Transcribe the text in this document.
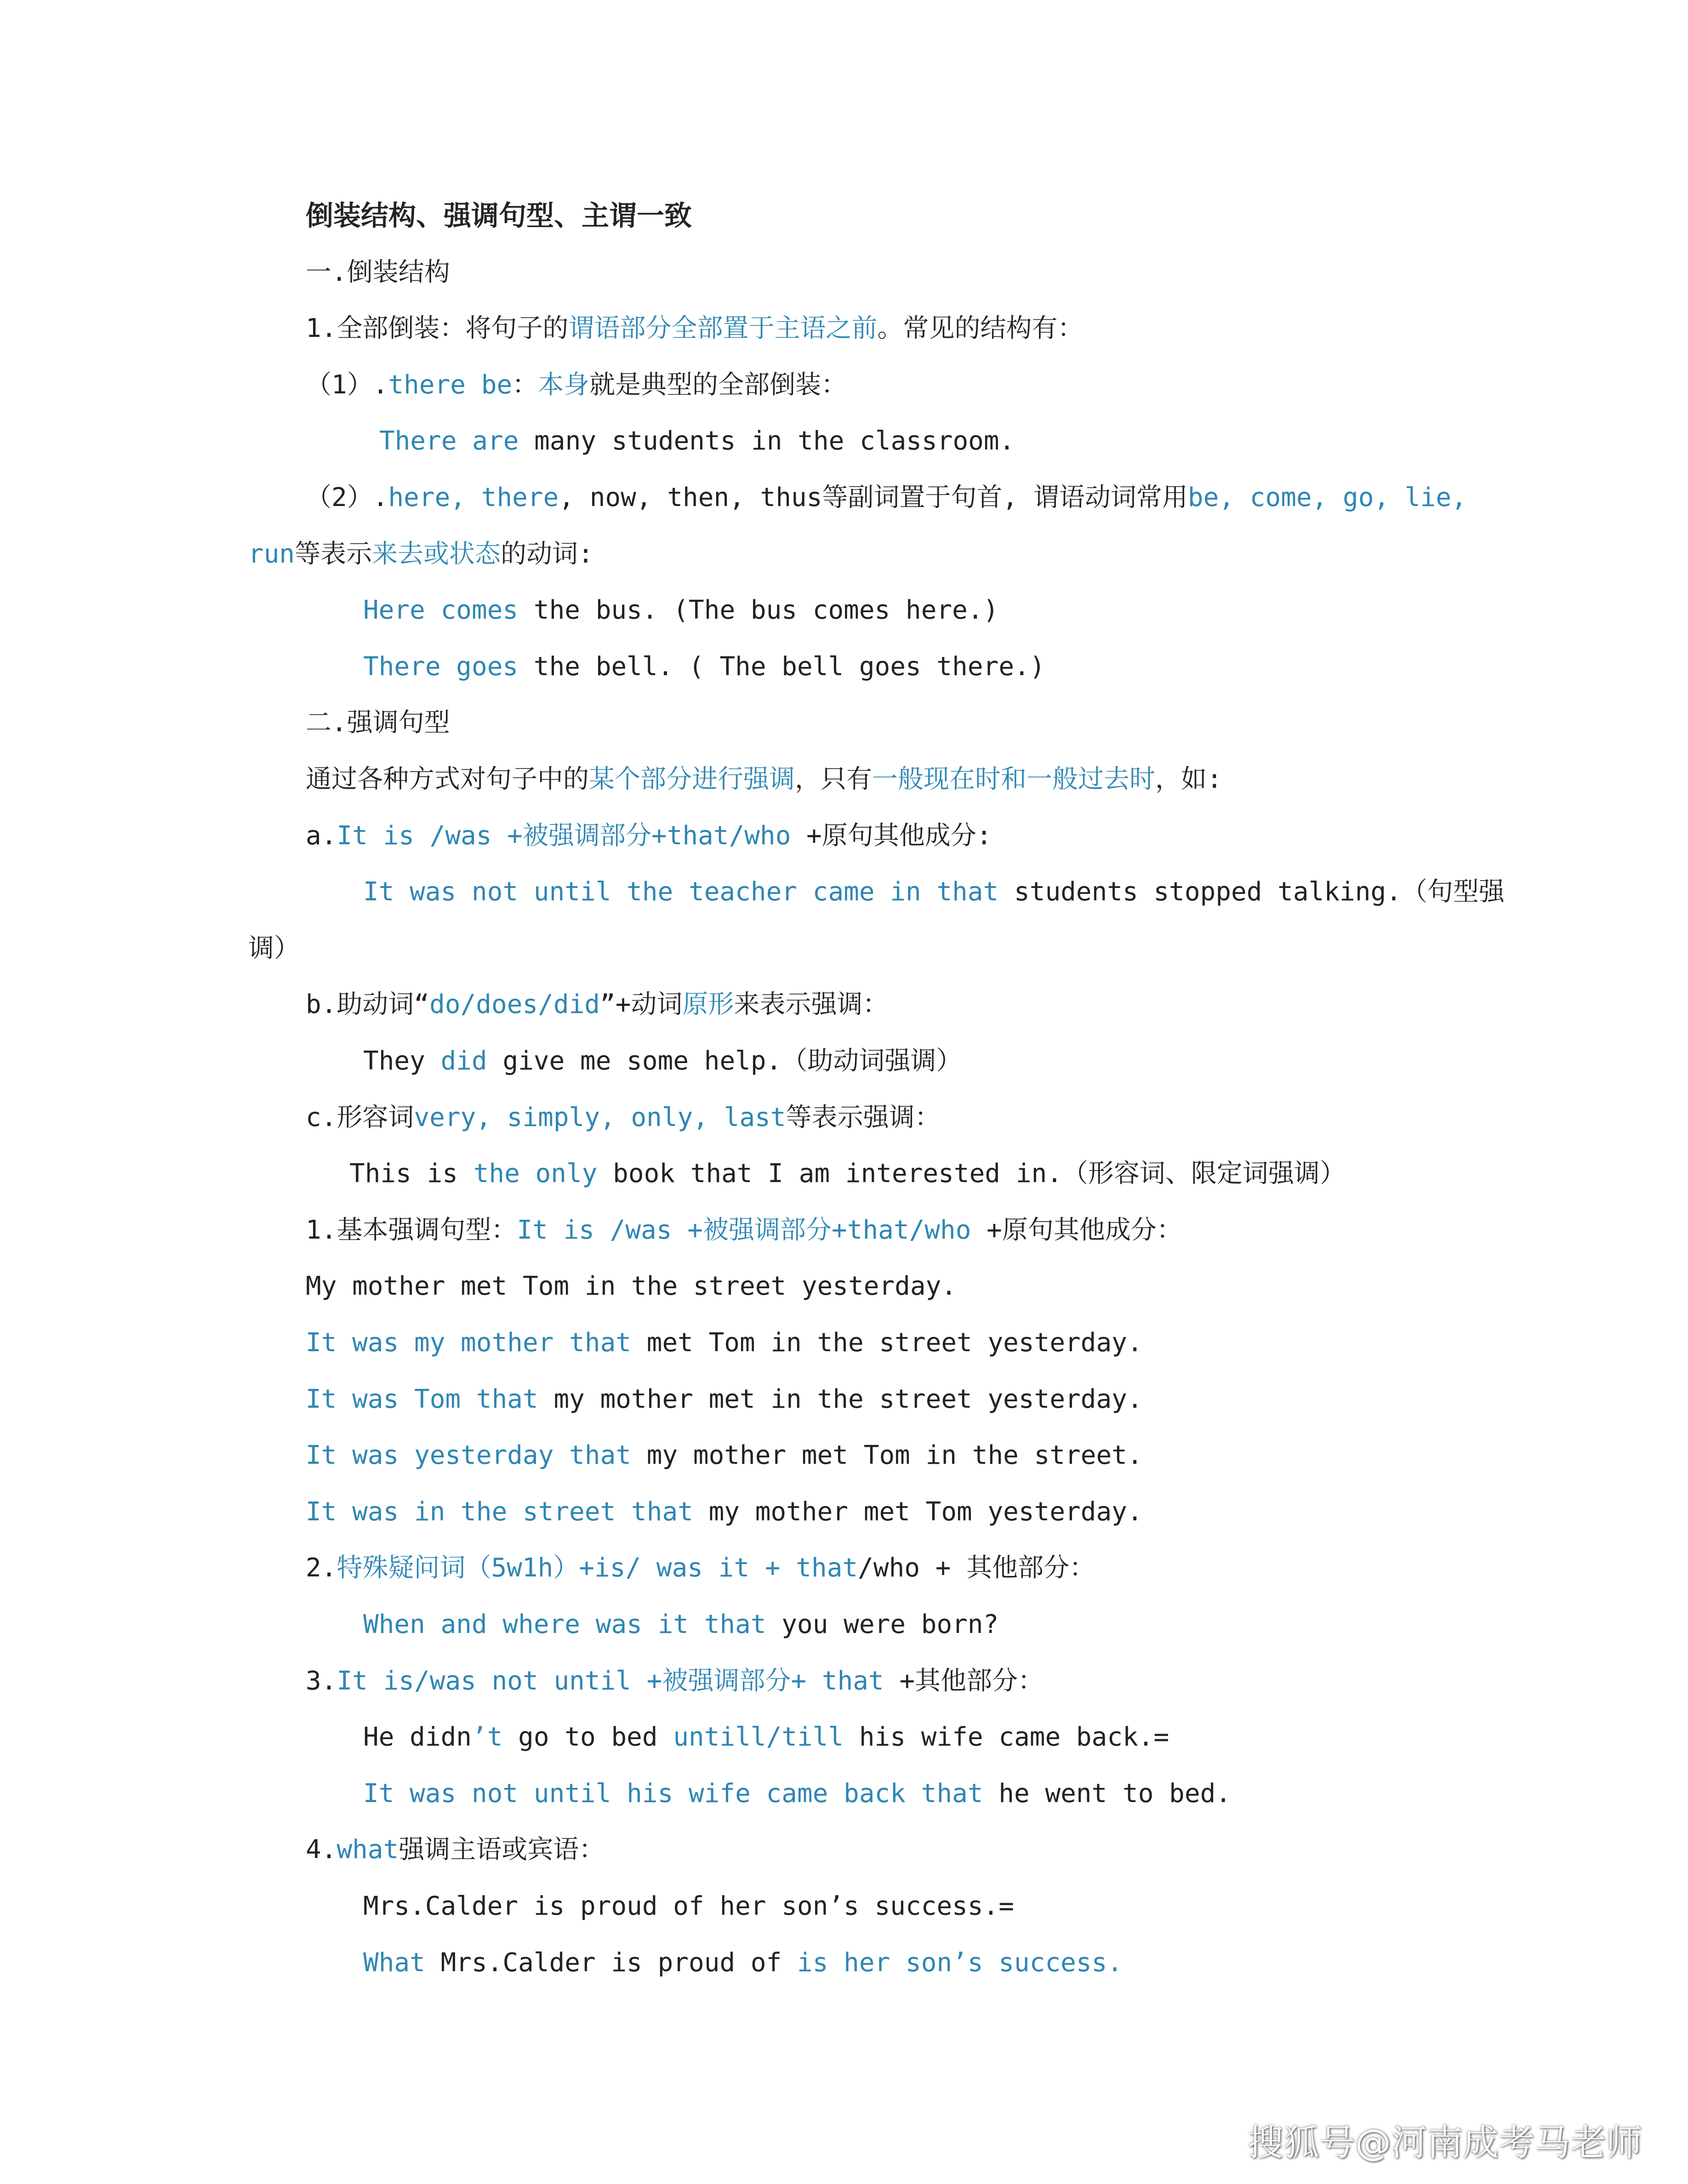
倒装结构、强调句型、主谓一致
一.倒装结构
1.全部倒装：将句子的谓语部分全部置于主语之前。常见的结构有：
（1）.there be：本身就是典型的全部倒装：
There are many students in the classroom.
（2）.here, there, now, then, thus等副词置于句首, 谓语动词常用be, come, go, lie,
run等表示来去或状态的动词:
Here comes the bus. (The bus comes here.)
There goes the bell. ( The bell goes there.)
二.强调句型
通过各种方式对句子中的某个部分进行强调，只有一般现在时和一般过去时，如:
a.It is /was +被强调部分+that/who +原句其他成分:
It was not until the teacher came in that students stopped talking.（句型强
调）
b.助动词“do/does/did”+动词原形来表示强调：
They did give me some help.（助动词强调）
c.形容词very, simply, only, last等表示强调：
This is the only book that I am interested in.（形容词、限定词强调）
1.基本强调句型：It is /was +被强调部分+that/who +原句其他成分：
My mother met Tom in the street yesterday.
It was my mother that met Tom in the street yesterday.
It was Tom that my mother met in the street yesterday.
It was yesterday that my mother met Tom in the street.
It was in the street that my mother met Tom yesterday.
2.特殊疑问词（5w1h）+is/ was it + that/who + 其他部分：
When and where was it that you were born?
3.It is/was not until +被强调部分+ that +其他部分：
He didn’t go to bed untill/till his wife came back.=
It was not until his wife came back that he went to bed.
4.what强调主语或宾语：
Mrs.Calder is proud of her son’s success.=
What Mrs.Calder is proud of is her son’s success.
搜狐号@河南成考马老师
